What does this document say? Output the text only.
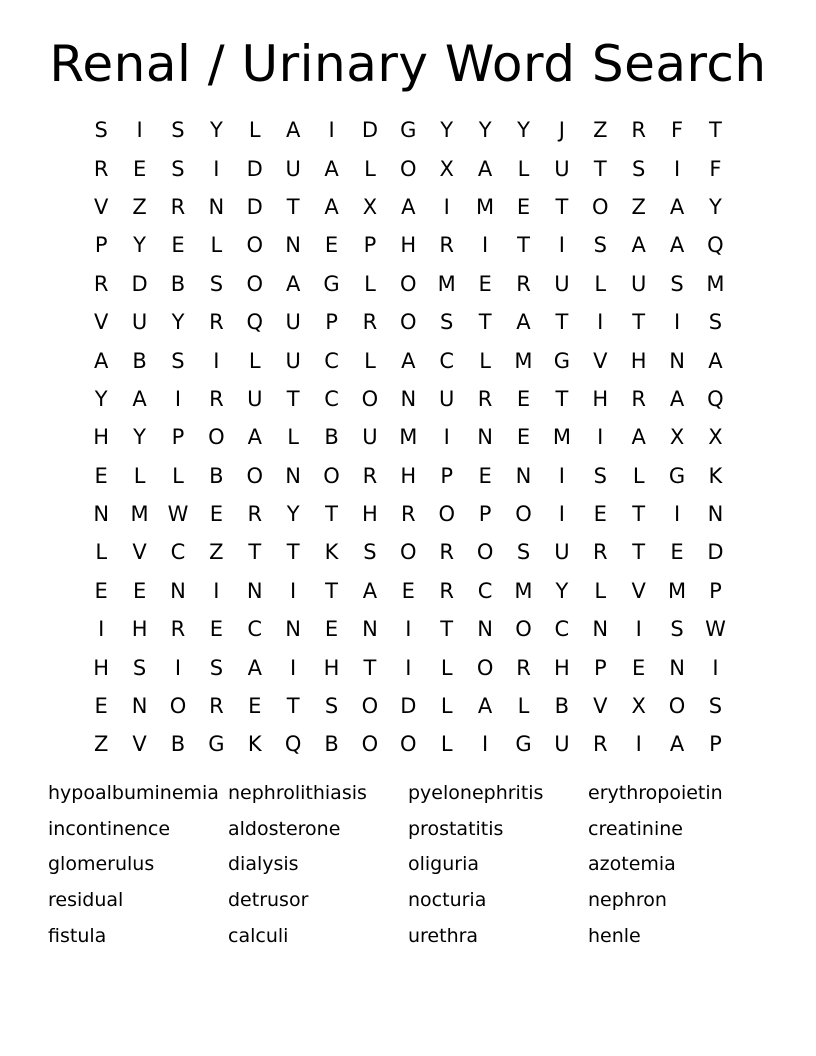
Renal / Urinary Word Search
S	I	S	Y	L	A	I	D	G	Y	Y	Y	J	Z	R	F	T
R	E	S	I	D	U	A	L	O	X	A	L	U	T	S	I	F
V	Z	R	N	D	T	A	X	A	I	M	E	T	O	Z	A	Y
P	Y	E	L	O	N	E	P	H	R	I	T	I	S	A	A	Q
R	D	B	S	O	A	G	L	O	M	E	R	U	L	U	S	M
V	U	Y	R	Q	U	P	R	O	S	T	A	T	I	T	I	S
A	B	S	I	L	U	C	L	A	C	L	M	G	V	H	N	A
Y	A	I	R	U	T	C	O	N	U	R	E	T	H	R	A	Q
H	Y	P	O	A	L	B	U	M	I	N	E	M	I	A	X	X
E	L	L	B	O	N	O	R	H	P	E	N	I	S	L	G	K
N	M W	E	R	Y	T	H	R	O	P	O	I	E	T	I	N
L	V	C	Z	T	T	K	S	O	R	O	S	U	R	T	E	D
E	E	N	I	N	I	T	A	E	R	C	M	Y	L	V	M	P
I	H	R	E	C	N	E	N	I	T	N	O	C	N	I	S	W
H	S	I	S	A	I	H	T	I	L	O	R	H	P	E	N	I
E	N	O	R	E	T	S	O	D	L	A	L	B	V	X	O	S
Z	V	B	G	K	Q	B	O	O	L	I	G	U	R	I	A	P
hypoalbuminemia nephrolithiasis	pyelonephritis	erythropoietin
incontinence	aldosterone	prostatitis	creatinine
glomerulus	dialysis	oliguria	azotemia
residual	detrusor	nocturia	nephron
fistula	calculi	urethra	henle
